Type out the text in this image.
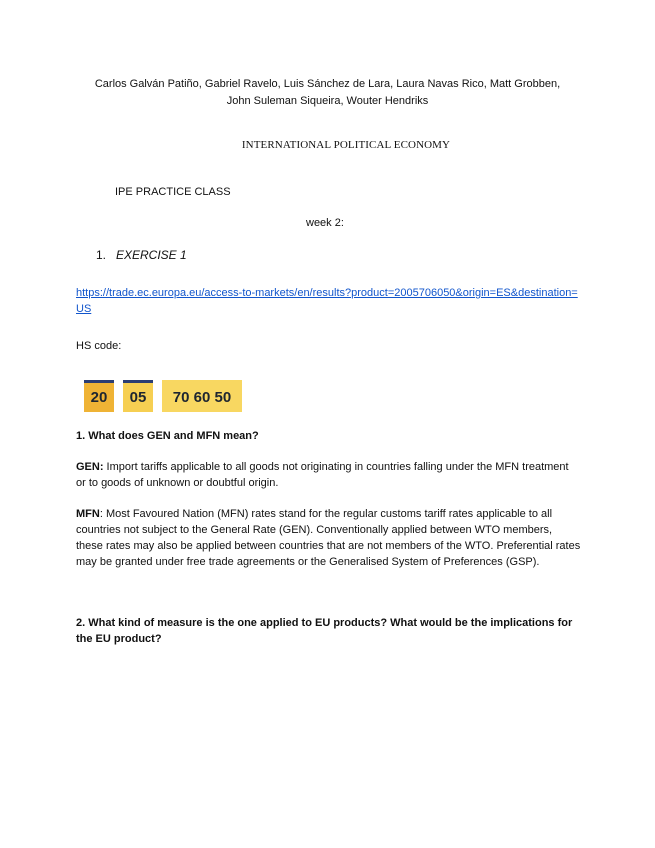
Carlos Galván Patiño, Gabriel Ravelo, Luis Sánchez de Lara, Laura Navas Rico, Matt Grobben,
John Suleman Siqueira, Wouter Hendriks
INTERNATIONAL POLITICAL ECONOMY
IPE PRACTICE CLASS
week 2:
1. EXERCISE 1
https://trade.ec.europa.eu/access-to-markets/en/results?product=2005706050&origin=ES&destination=US
HS code:
20	05	70 60 50
1. What does GEN and MFN mean?
GEN: Import tariffs applicable to all goods not originating in countries falling under the MFN treatment or to goods of unknown or doubtful origin.
MFN: Most Favoured Nation (MFN) rates stand for the regular customs tariff rates applicable to all countries not subject to the General Rate (GEN). Conventionally applied between WTO members, these rates may also be applied between countries that are not members of the WTO. Preferential rates may be granted under free trade agreements or the Generalised System of Preferences (GSP).
2. What kind of measure is the one applied to EU products? What would be the implications for the EU product?
